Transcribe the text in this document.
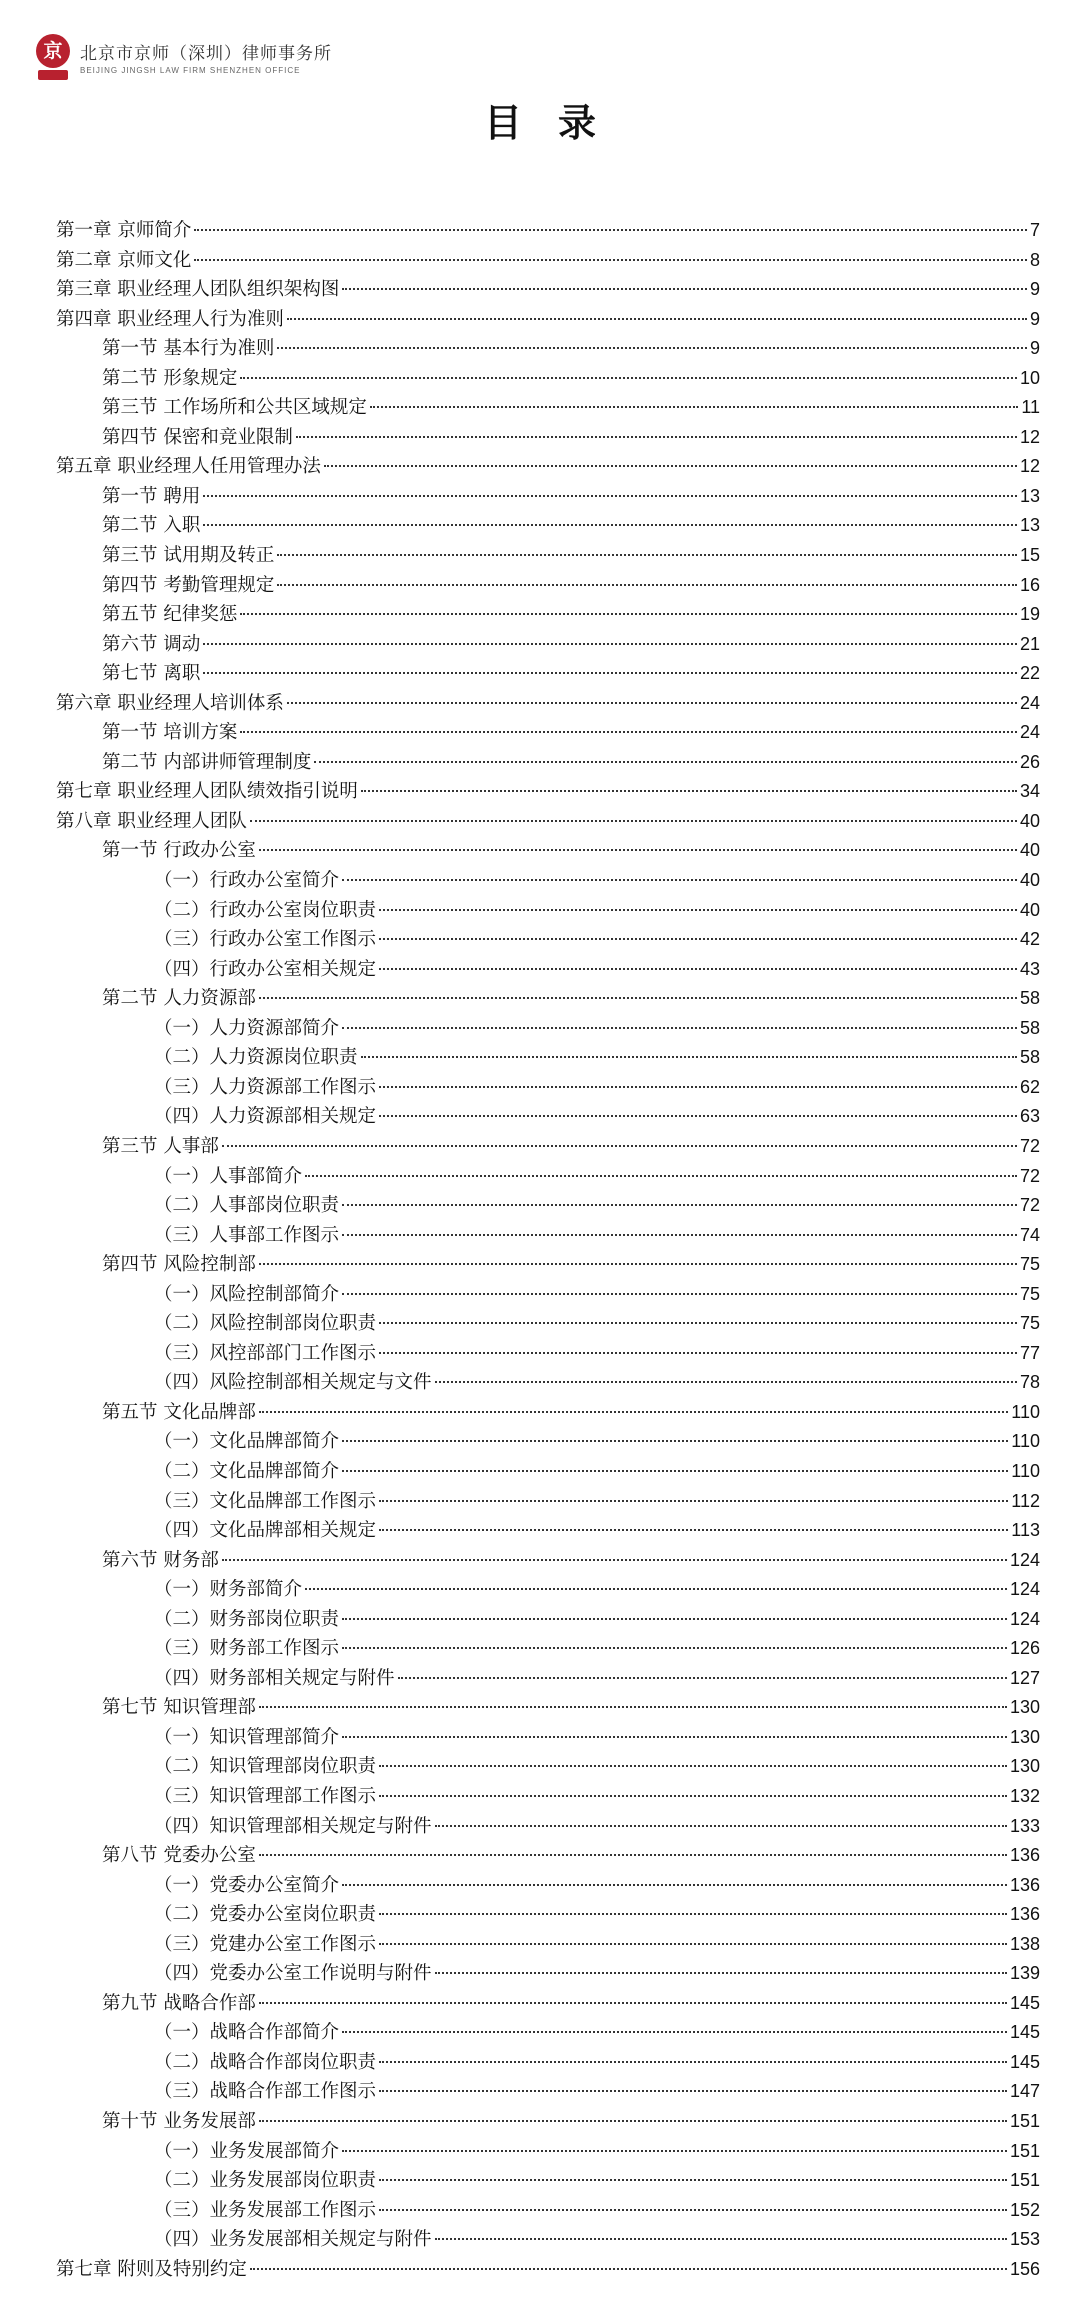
京	北京市京师（深圳）律师事务所
BEIJING JINGSH LAW FIRM SHENZHEN OFFICE
目录
第一章 京师简介	7
第二章 京师文化	8
第三章 职业经理人团队组织架构图	9
第四章 职业经理人行为准则	9
第一节 基本行为准则	9
第二节 形象规定	10
第三节 工作场所和公共区域规定	11
第四节 保密和竞业限制	12
第五章 职业经理人任用管理办法	12
第一节 聘用	13
第二节 入职	13
第三节 试用期及转正	15
第四节 考勤管理规定	16
第五节 纪律奖惩	19
第六节 调动	21
第七节 离职	22
第六章 职业经理人培训体系	24
第一节 培训方案	24
第二节 内部讲师管理制度	26
第七章 职业经理人团队绩效指引说明	34
第八章 职业经理人团队	40
第一节 行政办公室	40
（一）行政办公室简介	40
（二）行政办公室岗位职责	40
（三）行政办公室工作图示	42
（四）行政办公室相关规定	43
第二节 人力资源部	58
（一）人力资源部简介	58
（二）人力资源岗位职责	58
（三）人力资源部工作图示	62
（四）人力资源部相关规定	63
第三节 人事部	72
（一）人事部简介	72
（二）人事部岗位职责	72
（三）人事部工作图示	74
第四节 风险控制部	75
（一）风险控制部简介	75
（二）风险控制部岗位职责	75
（三）风控部部门工作图示	77
（四）风险控制部相关规定与文件	78
第五节 文化品牌部	110
（一）文化品牌部简介	110
（二）文化品牌部简介	110
（三）文化品牌部工作图示	112
（四）文化品牌部相关规定	113
第六节 财务部	124
（一）财务部简介	124
（二）财务部岗位职责	124
（三）财务部工作图示	126
（四）财务部相关规定与附件	127
第七节 知识管理部	130
（一）知识管理部简介	130
（二）知识管理部岗位职责	130
（三）知识管理部工作图示	132
（四）知识管理部相关规定与附件	133
第八节 党委办公室	136
（一）党委办公室简介	136
（二）党委办公室岗位职责	136
（三）党建办公室工作图示	138
（四）党委办公室工作说明与附件	139
第九节 战略合作部	145
（一）战略合作部简介	145
（二）战略合作部岗位职责	145
（三）战略合作部工作图示	147
第十节 业务发展部	151
（一）业务发展部简介	151
（二）业务发展部岗位职责	151
（三）业务发展部工作图示	152
（四）业务发展部相关规定与附件	153
第七章 附则及特别约定	156
